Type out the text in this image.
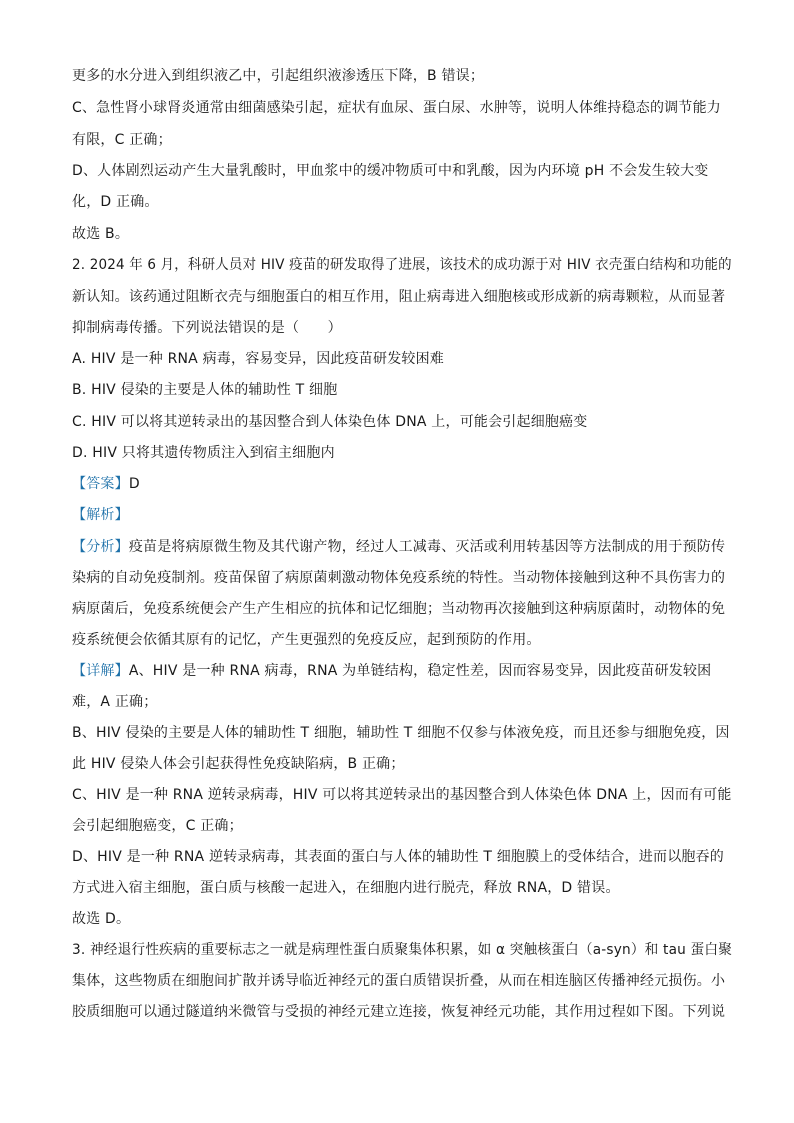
更多的水分进入到组织液乙中，引起组织液渗透压下降，B 错误；
C、急性肾小球肾炎通常由细菌感染引起，症状有血尿、蛋白尿、水肿等，说明人体维持稳态的调节能力
有限，C 正确；
D、人体剧烈运动产生大量乳酸时，甲血浆中的缓冲物质可中和乳酸，因为内环境 pH 不会发生较大变
化，D 正确。
故选 B。
2. 2024 年 6 月，科研人员对 HIV 疫苗的研发取得了进展，该技术的成功源于对 HIV 衣壳蛋白结构和功能的
新认知。该药通过阻断衣壳与细胞蛋白的相互作用，阻止病毒进入细胞核或形成新的病毒颗粒，从而显著
抑制病毒传播。下列说法错误的是（　　）
A. HIV 是一种 RNA 病毒，容易变异，因此疫苗研发较困难
B. HIV 侵染的主要是人体的辅助性 T 细胞
C. HIV 可以将其逆转录出的基因整合到人体染色体 DNA 上，可能会引起细胞癌变
D. HIV 只将其遗传物质注入到宿主细胞内
【答案】D
【解析】
【分析】疫苗是将病原微生物及其代谢产物，经过人工减毒、灭活或利用转基因等方法制成的用于预防传
染病的自动免疫制剂。疫苗保留了病原菌刺激动物体免疫系统的特性。当动物体接触到这种不具伤害力的
病原菌后，免疫系统便会产生产生相应的抗体和记忆细胞；当动物再次接触到这种病原菌时，动物体的免
疫系统便会依循其原有的记忆，产生更强烈的免疫反应，起到预防的作用。
【详解】A、HIV 是一种 RNA 病毒，RNA 为单链结构，稳定性差，因而容易变异，因此疫苗研发较困
难，A 正确；
B、HIV 侵染的主要是人体的辅助性 T 细胞，辅助性 T 细胞不仅参与体液免疫，而且还参与细胞免疫，因
此 HIV 侵染人体会引起获得性免疫缺陷病，B 正确；
C、HIV 是一种 RNA 逆转录病毒，HIV 可以将其逆转录出的基因整合到人体染色体 DNA 上，因而有可能
会引起细胞癌变，C 正确；
D、HIV 是一种 RNA 逆转录病毒，其表面的蛋白与人体的辅助性 T 细胞膜上的受体结合，进而以胞吞的
方式进入宿主细胞，蛋白质与核酸一起进入，在细胞内进行脱壳，释放 RNA，D 错误。
故选 D。
3. 神经退行性疾病的重要标志之一就是病理性蛋白质聚集体积累，如 α 突触核蛋白（a-syn）和 tau 蛋白聚
集体，这些物质在细胞间扩散并诱导临近神经元的蛋白质错误折叠，从而在相连脑区传播神经元损伤。小
胶质细胞可以通过隧道纳米微管与受损的神经元建立连接，恢复神经元功能，其作用过程如下图。下列说
